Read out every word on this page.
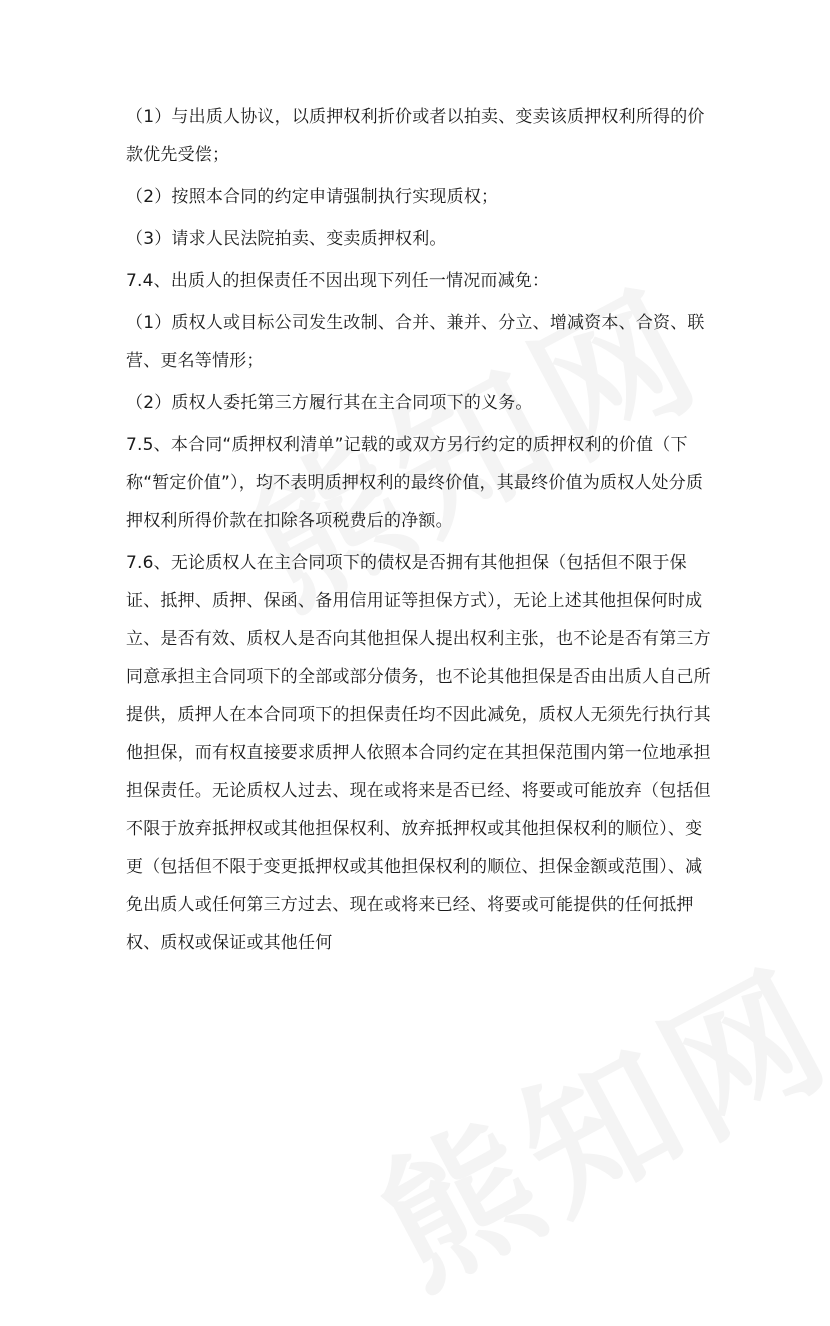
（1）与出质人协议，以质押权利折价或者以拍卖、变卖该质押权利所得的价款优先受偿；

（2）按照本合同的约定申请强制执行实现质权；

（3）请求人民法院拍卖、变卖质押权利。

7.4、出质人的担保责任不因出现下列任一情况而减免：

（1）质权人或目标公司发生改制、合并、兼并、分立、增减资本、合资、联营、更名等情形；

（2）质权人委托第三方履行其在主合同项下的义务。

7.5、本合同“质押权利清单”记载的或双方另行约定的质押权利的价值（下称“暂定价值”），均不表明质押权利的最终价值，其最终价值为质权人处分质押权利所得价款在扣除各项税费后的净额。

7.6、无论质权人在主合同项下的债权是否拥有其他担保（包括但不限于保证、抵押、质押、保函、备用信用证等担保方式），无论上述其他担保何时成立、是否有效、质权人是否向其他担保人提出权利主张，也不论是否有第三方同意承担主合同项下的全部或部分债务，也不论其他担保是否由出质人自己所提供，质押人在本合同项下的担保责任均不因此减免，质权人无须先行执行其他担保，而有权直接要求质押人依照本合同约定在其担保范围内第一位地承担担保责任。无论质权人过去、现在或将来是否已经、将要或可能放弃（包括但不限于放弃抵押权或其他担保权利、放弃抵押权或其他担保权利的顺位）、变更（包括但不限于变更抵押权或其他担保权利的顺位、担保金额或范围）、减免出质人或任何第三方过去、现在或将来已经、将要或可能提供的任何抵押权、质权或保证或其他任何
